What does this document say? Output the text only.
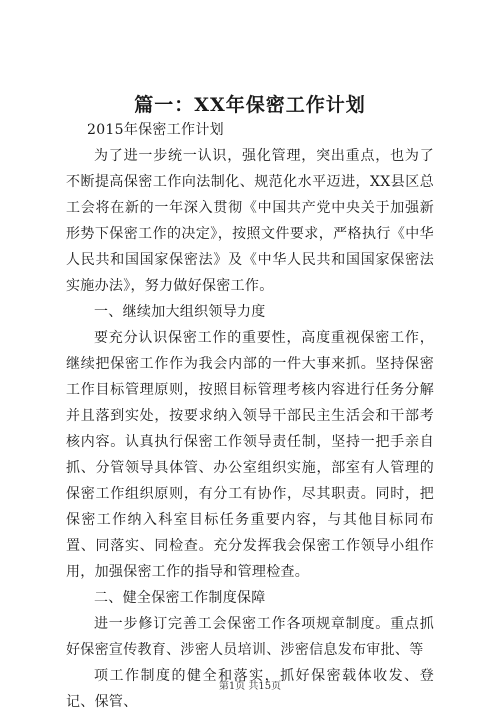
篇一：XX年保密工作计划

2015年保密工作计划

为了进一步统一认识，强化管理，突出重点，也为了不断提高保密工作向法制化、规范化水平迈进，XX县区总工会将在新的一年深入贯彻《中国共产党中央关于加强新形势下保密工作的决定》，按照文件要求，严格执行《中华人民共和国国家保密法》及《中华人民共和国国家保密法实施办法》，努力做好保密工作。

一、继续加大组织领导力度

要充分认识保密工作的重要性，高度重视保密工作，继续把保密工作作为我会内部的一件大事来抓。坚持保密工作目标管理原则，按照目标管理考核内容进行任务分解并且落到实处，按要求纳入领导干部民主生活会和干部考核内容。认真执行保密工作领导责任制，坚持一把手亲自抓、分管领导具体管、办公室组织实施，部室有人管理的保密工作组织原则，有分工有协作，尽其职责。同时，把保密工作纳入科室目标任务重要内容，与其他目标同布置、同落实、同检查。充分发挥我会保密工作领导小组作用，加强保密工作的指导和管理检查。

二、健全保密工作制度保障

进一步修订完善工会保密工作各项规章制度。重点抓好保密宣传教育、涉密人员培训、涉密信息发布审批、等

项工作制度的健全和落实，抓好保密载体收发、登记、保管、

第1页 共15页
